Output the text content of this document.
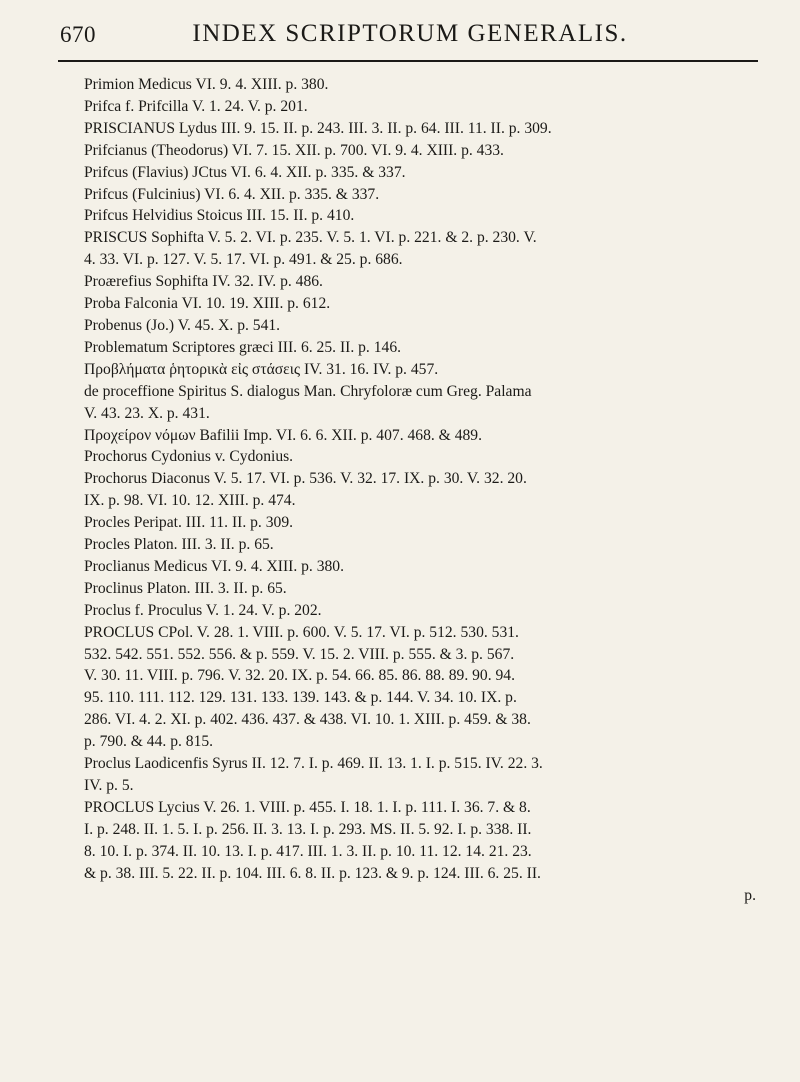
670	INDEX SCRIPTORUM GENERALIS.

Primion Medicus VI. 9. 4. XIII. p. 380.

Prifca f. Prifcilla V. 1. 24. V. p. 201.

PRISCIANUS Lydus III. 9. 15. II. p. 243. III. 3. II. p. 64. III. 11. II. p. 309.

Prifcianus (Theodorus) VI. 7. 15. XII. p. 700. VI. 9. 4. XIII. p. 433.

Prifcus (Flavius) JCtus VI. 6. 4. XII. p. 335. & 337.

Prifcus (Fulcinius) VI. 6. 4. XII. p. 335. & 337.

Prifcus Helvidius Stoicus III. 15. II. p. 410.

PRISCUS Sophifta V. 5. 2. VI. p. 235. V. 5. 1. VI. p. 221. & 2. p. 230. V.

4. 33. VI. p. 127. V. 5. 17. VI. p. 491. & 25. p. 686.

Proærefius Sophifta IV. 32. IV. p. 486.

Proba Falconia VI. 10. 19. XIII. p. 612.

Probenus (Jo.) V. 45. X. p. 541.

Problematum Scriptores græci III. 6. 25. II. p. 146.

Πρoβλήματα ῥητορικὰ εἰς στάσεις IV. 31. 16. IV. p. 457.

de proceffione Spiritus S. dialogus Man. Chryfoloræ cum Greg. Palama

V. 43. 23. X. p. 431.

Προχείρον νόμων Bafilii Imp. VI. 6. 6. XII. p. 407. 468. & 489.

Prochorus Cydonius v. Cydonius.

Prochorus Diaconus V. 5. 17. VI. p. 536. V. 32. 17. IX. p. 30. V. 32. 20.

IX. p. 98. VI. 10. 12. XIII. p. 474.

Procles Peripat. III. 11. II. p. 309.

Procles Platon. III. 3. II. p. 65.

Proclianus Medicus VI. 9. 4. XIII. p. 380.

Proclinus Platon. III. 3. II. p. 65.

Proclus f. Proculus V. 1. 24. V. p. 202.

PROCLUS CPol. V. 28. 1. VIII. p. 600. V. 5. 17. VI. p. 512. 530. 531.

532. 542. 551. 552. 556. & p. 559. V. 15. 2. VIII. p. 555. & 3. p. 567.

V. 30. 11. VIII. p. 796. V. 32. 20. IX. p. 54. 66. 85. 86. 88. 89. 90. 94.

95. 110. 111. 112. 129. 131. 133. 139. 143. & p. 144. V. 34. 10. IX. p.

286. VI. 4. 2. XI. p. 402. 436. 437. & 438. VI. 10. 1. XIII. p. 459. & 38.

p. 790. & 44. p. 815.

Proclus Laodicenfis Syrus II. 12. 7. I. p. 469. II. 13. 1. I. p. 515. IV. 22. 3.

IV. p. 5.

PROCLUS Lycius V. 26. 1. VIII. p. 455. I. 18. 1. I. p. 111. I. 36. 7. & 8.

I. p. 248. II. 1. 5. I. p. 256. II. 3. 13. I. p. 293. MS. II. 5. 92. I. p. 338. II.

8. 10. I. p. 374. II. 10. 13. I. p. 417. III. 1. 3. II. p. 10. 11. 12. 14. 21. 23.

& p. 38. III. 5. 22. II. p. 104. III. 6. 8. II. p. 123. & 9. p. 124. III. 6. 25. II.

p.
